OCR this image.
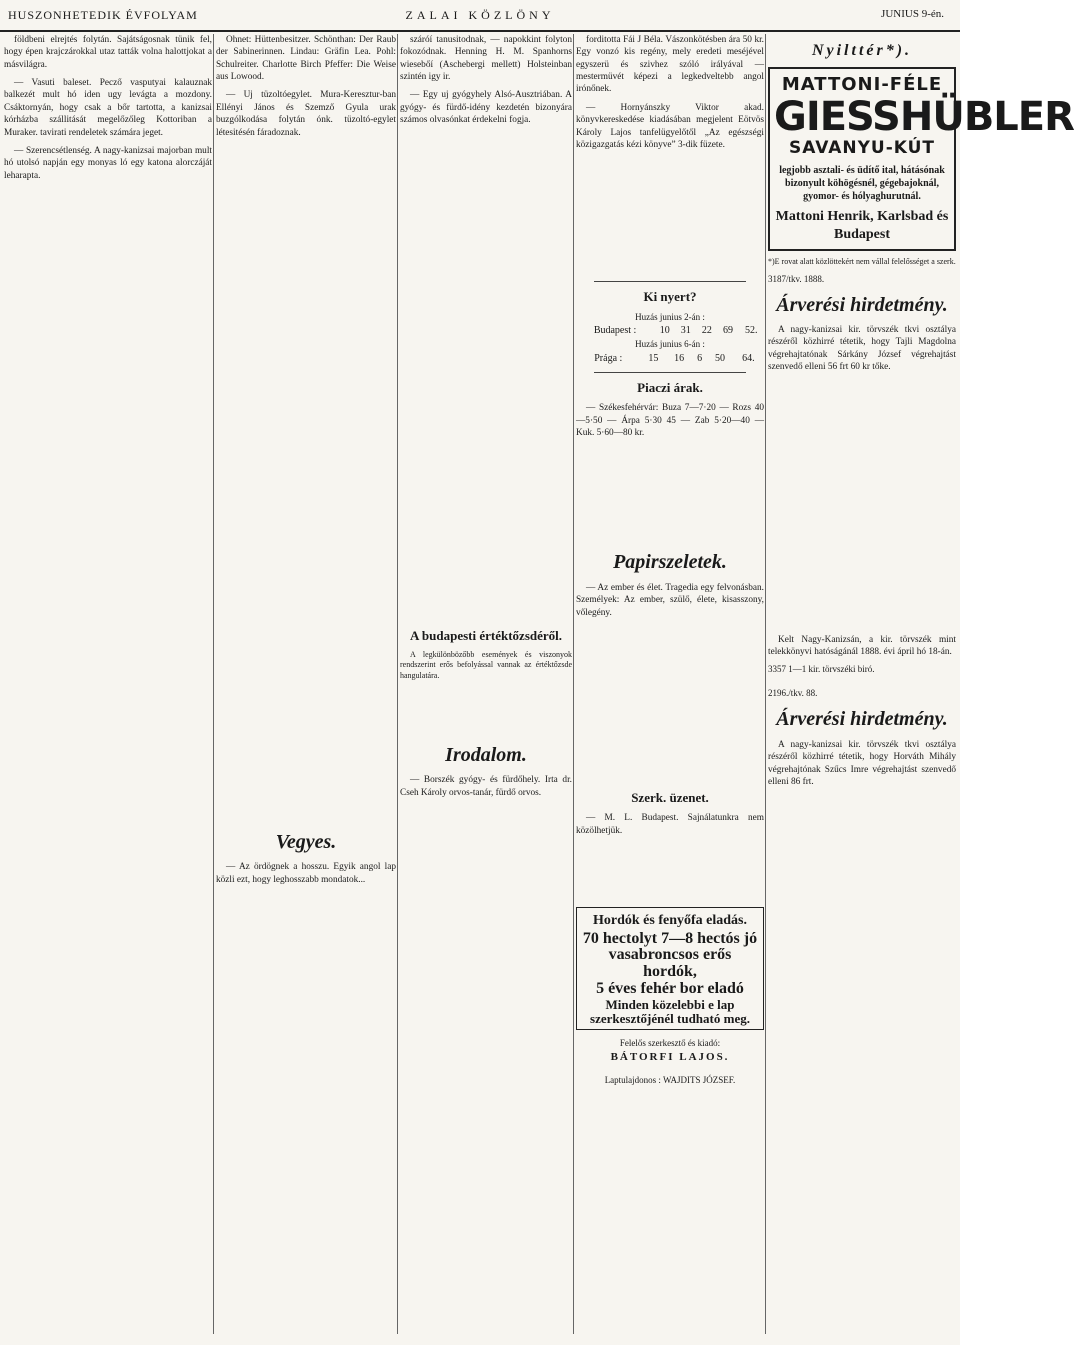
HUSZONHETEDIK ÉVFOLYAM	ZALAI KÖZLÖNY	JUNIUS 9-én.

földbeni elrejtés folytán. Sajátságosnak tünik fel, hogy épen krajczárokkal utaz tatták volna halottjokat a másvilágra.

— Vasuti baleset. Pecző vasputyai kalauznak balkezét mult hó iden ugy levágta a mozdony. Csáktornyán, hogy csak a bőr tartotta, a kanizsai kórházba szállitását megelőzőleg Kottoriban a Muraker. tavirati rendeletek számára jeget.

— Szerencsétlenség. A nagy-kanizsai majorban mult hó utolsó napján egy monyas ló egy katona alorczáját leharapta.

Ohnet: Hüttenbesitzer. Schönthan: Der Raub der Sabinerinnen. Lindau: Gräfin Lea. Pohl: Schulreiter. Charlotte Birch Pfeffer: Die Weise aus Lowood.

— Uj tüzoltóegylet. Mura-Keresztur-ban Ellényi János és Szemző Gyula urak buzgólkodása folytán ónk. tüzoltó-egylet létesitésén fáradoznak.

Vegyes.

— Az ördögnek a hosszu. Egyik angol lap közli ezt, hogy leghosszabb mondatok...

száróí tanusitodnak, — napokkint folyton fokozódnak. Henning H. M. Spanhorns wiesebőí (Aschebergi mellett) Holsteinban szintén igy ir.

— Egy uj gyógyhely Alsó-Ausztriában. A gyógy- és fürdő-idény kezdetén bizonyára számos olvasónkat érdekelni fogja.

A budapesti értéktőzsdéről.

A legkülönbözőbb események és viszonyok rendszerint erős befolyással vannak az értéktőzsde hangulatára.

Irodalom.

— Borszék gyógy- és fürdőhely. Irta dr. Cseh Károly orvos-tanár, fürdő orvos.

forditotta Fái J Béla. Vászonkötésben ára 50 kr. Egy vonzó kis regény, mely eredeti meséjével egyszerü és szivhez szóló irályával — mestermüvét képezi a legkedveltebb angol irónőnek.

— Hornyánszky Viktor akad. könyvkereskedése kiadásában megjelent Eötvös Károly Lajos tanfelügyelőtől „Az egészségi közigazgatás kézi könyve” 3-dik füzete.

Ki nyert?
Huzás junius 2-án :
Budapest :	10	31	22	69	52.
Huzás junius 6-án :
Prága :	15	16	6	50	64.
Piaczi árak.

— Székesfehérvár: Buza 7—7·20 — Rozs 40—5·50 — Árpa 5·30 45 — Zab 5·20—40 — Kuk. 5·60—80 kr.

Papirszeletek.

— Az ember és élet. Tragedia egy felvonásban. Személyek: Az ember, szülő, élete, kisasszony, vőlegény.

Szerk. üzenet.

— M. L. Budapest. Sajnálatunkra nem közölhetjük.

Hordók és fenyőfa eladás.
70 hectolyt 7—8 hectós jó vasabroncsos erős hordók,
5 éves fehér bor eladó
Minden közelebbi e lap szerkesztőjénél tudható meg.
Felelős szerkesztő és kiadó:
BÁTORFI LAJOS.
Laptulajdonos : WAJDITS JÓZSEF.
Nyilttér*).
MATTONI-FÉLE
GIESSHÜBLER
SAVANYU-KÚT
legjobb asztali- és üdítő ital, hátásónak bizonyult köhögésnél, gégebajoknál, gyomor- és hólyaghurutnál.
Mattoni Henrik, Karlsbad és Budapest

*)E rovat alatt közlöttekért nem vállal felelősséget a szerk.

3187/tkv. 1888.
Árverési hirdetmény.

A nagy-kanizsai kir. törvszék tkvi osztálya részéről közhirré tétetik, hogy Tajli Magdolna végrehajtatónak Sárkány József végrehajtást szenvedő elleni 56 frt 60 kr tőke.

Kelt Nagy-Kanizsán, a kir. törvszék mint telekkönyvi hatóságánál 1888. évi ápril hó 18-án.

3357 1—1 kir. törvszéki biró.
2196./tkv. 88.
Árverési hirdetmény.

A nagy-kanizsai kir. törvszék tkvi osztálya részéről közhirré tétetik, hogy Horváth Mihály végrehajtónak Szűcs Imre végrehajtást szenvedő elleni 86 frt.
